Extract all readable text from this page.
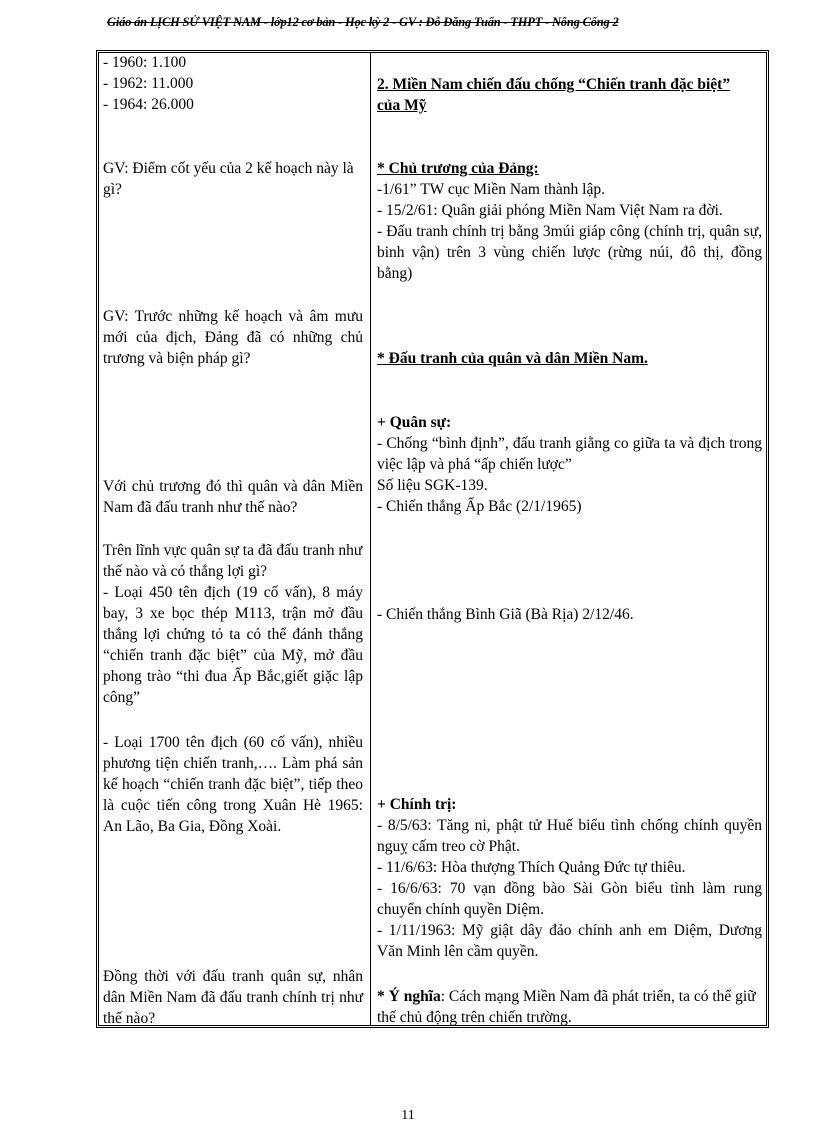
Giáo án LỊCH SỬ VIỆT NAM - lớp12 cơ bản - Học kỳ 2 - GV : Đỗ Đăng Tuấn - THPT - Nông Cống 2
- 1960: 1.100
- 1962: 11.000
- 1964: 26.000

GV: Điểm cốt yếu của 2 kế hoạch này là gì?

GV: Trước những kế hoạch và âm mưu mới của địch, Đảng đã có những chủ trương và biện pháp gì?

Với chủ trương đó thì quân và dân Miền Nam đã đấu tranh như thế nào?

Trên lĩnh vực quân sự ta đã đấu tranh như thế nào và có thắng lợi gì?

- Loại 450 tên địch (19 cố vấn), 8 máy bay, 3 xe bọc thép M113, trận mở đầu thắng lợi chứng tỏ ta có thể đánh thắng “chiến tranh đặc biệt” của Mỹ, mở đầu phong trào “thi đua Ấp Bắc,giết giặc lập công”

- Loại 1700 tên địch (60 cố vấn), nhiều phương tiện chiến tranh,…. Làm phá sản kế hoạch “chiến tranh đặc biệt”, tiếp theo là cuộc tiến công trong Xuân Hè 1965: An Lão, Ba Gia, Đồng Xoài.

Đồng thời với đấu tranh quân sự, nhân dân Miền Nam đã đấu tranh chính trị như thế nào?

2. Miền Nam chiến đấu chống “Chiến tranh đặc biệt” của Mỹ

* Chủ trương của Đảng:

-1/61” TW cục Miền Nam thành lập.
- 15/2/61: Quân giải phóng Miền Nam Việt Nam ra đời.
- Đấu tranh chính trị bằng 3múi giáp công (chính trị, quân sự, binh vận) trên 3 vùng chiến lược (rừng núi, đô thị, đồng bằng)

* Đấu tranh của quân và dân Miền Nam.

+ Quân sự:

- Chống “bình định”, đấu tranh giằng co giữa ta và địch trong việc lập và phá “ấp chiến lược”
Số liệu SGK-139.
- Chiến thắng Ấp Bắc (2/1/1965)

- Chiến thắng Bình Giã (Bà Rịa) 2/12/46.

+ Chính trị:

- 8/5/63: Tăng ni, phật tử Huế biểu tình chống chính quyền nguỵ cấm treo cờ Phật.
- 11/6/63: Hòa thượng Thích Quảng Đức tự thiêu.
- 16/6/63: 70 vạn đồng bào Sài Gòn biểu tình làm rung chuyển chính quyền Diệm.
- 1/11/1963: Mỹ giật dây đảo chính anh em Diệm, Dương Văn Minh lên cầm quyền.

* Ý nghĩa: Cách mạng Miền Nam đã phát triển, ta có thể giữ thế chủ động trên chiến trường.

11
